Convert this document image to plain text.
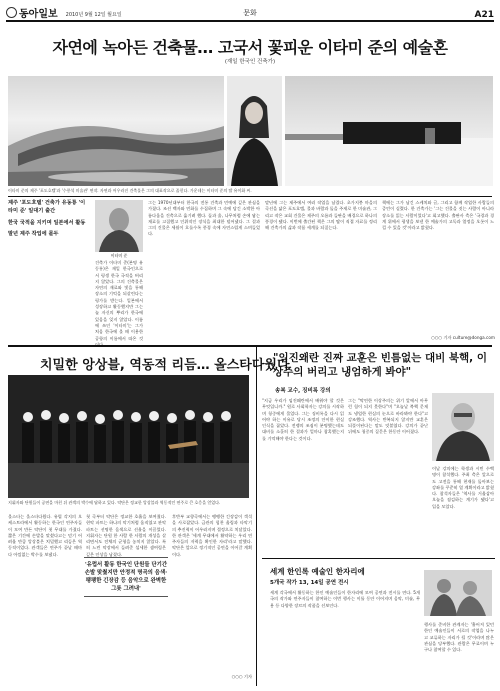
동아일보 2010년 9월 12일 월요일	문화	A21
자연에 녹아든 건축물… 고국서 꽃피운 이타미 준의 예술혼
(재일 한국인 건축가)
이타미 준의 제주 '포도호텔'과 '수풍석 미술관' 연작. 자연과 어우러진 건축물은 그의 대표작으로 꼽힌다. 가운데는 이타미 준의 딸 유이화 씨.

제주 '포도호텔' 건축가 유동룡 '이타미 준' 일대기 출간

한국 국적을 지키며 일본에서 활동

말년 제주 작업에 몰두

이타미 준

건축가 이타미 준(본명 유동룡)은 재일 한국인으로서 평생 한국 국적을 버리지 않았다. 그의 건축물은 자연의 재료와 빛을 통해 장소의 기억을 되살린다는 평가를 받는다. 일본에서 성장하고 활동했지만 그는 늘 자신의 뿌리가 한국에 있음을 잊지 않았다. 이름에 쓰인 '이타미'는 그가 처음 한국에 올 때 이용한 공항의 이름에서 따온 것

그는 1970년대부터 한국의 전통 건축과 민예에 깊은 관심을 가졌다. 조선 백자와 민화를 수집하며 그 속에 담긴 소박한 아름다움을 건축으로 옮기려 했다. 돌과 흙, 나무처럼 손에 닿는 재료를 고집했고 인위적인 장식을 최대한 덜어냈다. 그 결과 그의 건물은 세월이 흐를수록 풍경 속에 자연스럽게 스며들었다.

말년에 그는 제주에서 여러 작업을 남겼다. 초가지붕 마을의 곡선을 닮은 포도호텔, 물과 바람과 돌을 주제로 한 미술관, 그리고 작은 교회 건물은 제주의 오름과 들판을 배경으로 하나의 풍경이 됐다. 이번에 출간된 책은 그의 딸이 직접 자료를 정리해 건축가의 삶과 작품 세계를 되짚는다.

책에는 그가 남긴 스케치와 글, 그리고 함께 작업한 사람들의 증언이 실렸다. 한 건축가는 '그는 건물을 짓는 사람이 아니라 장소를 읽는 사람이었다'고 회고했다. 출판사 측은 '국경과 경계 위에서 평생을 보낸 한 예술가의 고독과 열정을 오롯이 느낄 수 있을 것'이라고 밝혔다.

○○○ 기자 culture@donga.com
치밀한 앙상블, 역동적 리듬… 올스타다웠다
지휘자와 단원들이 공연을 마친 뒤 관객의 박수에 답하고 있다. 악단은 정교한 앙상블과 역동적인 연주로 큰 호응을 얻었다.

올스타는 올스타다웠다. 유럽 각지의 오케스트라에서 활동하는 한국인 연주자들이 모여 만든 악단이 첫 무대를 가졌다. 짧은 기간에 손발을 맞췄다고는 믿기 어려울 만큼 앙상블은 치밀했고 리듬은 역동적이었다. 관객들은 연주가 끝날 때마다 아낌없는 박수를 보냈다.

첫 곡부터 악단은 정교한 호흡을 보여줬다. 현악 파트는 하나의 악기처럼 움직였고 관악 파트는 선명한 음색으로 선율을 이끌었다. 지휘자는 단원 한 사람 한 사람의 개성을 살리면서도 전체의 균형을 놓치지 않았다. 특히 느린 악장에서 들려준 섬세한 셈여림은 깊은 인상을 남겼다.

'유럽서 활동 한국인 단원들 단기간 손발 맞췄지만 안정적 명곡의 음색·팽팽한 긴장감 등 음악으로 완벽한 그릇 그려내'

후반부 교향곡에서는 팽팽한 긴장감이 객석을 사로잡았다. 금관의 힘찬 울림과 타악기의 추진력이 어우러지며 절정으로 치달았다. 한 관객은 '세계 무대에서 활약하는 우리 연주자들의 저력을 확인한 자리'라고 말했다. 악단은 앞으로 정기적인 공연을 이어갈 계획이다.

○○○ 기자
"임진왜란 진짜 교훈은 빈틈없는 대비 북핵, 이상주의 버리고 냉엄하게 봐야"
송복 교수, 징비록 강의

"지금 우리가 임진왜란에서 배워야 할 것은 무엇입니까." 원로 사회학자는 강의를 시작하며 청중에게 물었다. 그는 징비록을 다시 읽어야 하는 이유로 당시 조정의 안이한 현실 인식을 꼽았다. 전쟁의 조짐이 분명했는데도 대비를 소홀히 한 결과가 얼마나 참혹했는지를 기억해야 한다는 것이다.

그는 "막연한 이상주의는 위기 앞에서 아무런 힘이 되지 못한다"며 "오늘날 북핵 문제도 냉엄한 현실의 눈으로 바라봐야 한다"고 강조했다. 역사는 반복되지 않지만 교훈은 되풀이된다는 말도 덧붙였다. 강의가 끝난 뒤에도 청중의 질문은 한동안 이어졌다.

이날 강의에는 학생과 시민 수백 명이 참석했다. 주최 측은 앞으로도 고전을 통해 현재를 돌아보는 강좌를 꾸준히 열 계획이라고 밝혔다. 참석자들은 '역사를 거울삼아 오늘을 점검하는 계기가 됐다'고 입을 모았다.

세계 한인록 예술인 한자리에
5개국 작가 13, 14일 공연 전시

세계 각국에서 활동하는 한인 예술인들이 한자리에 모여 공연과 전시를 연다. 5개국의 작가와 연주자들이 참여하는 이번 행사는 이틀 동안 이어지며 음악, 미술, 무용 등 다양한 장르의 작품을 선보인다.

행사를 준비한 관계자는 '흩어져 있던 한인 예술인들이 서로의 작업을 나누고 교류하는 자리가 될 것'이라며 많은 관심을 당부했다. 관람은 무료이며 누구나 참여할 수 있다.
